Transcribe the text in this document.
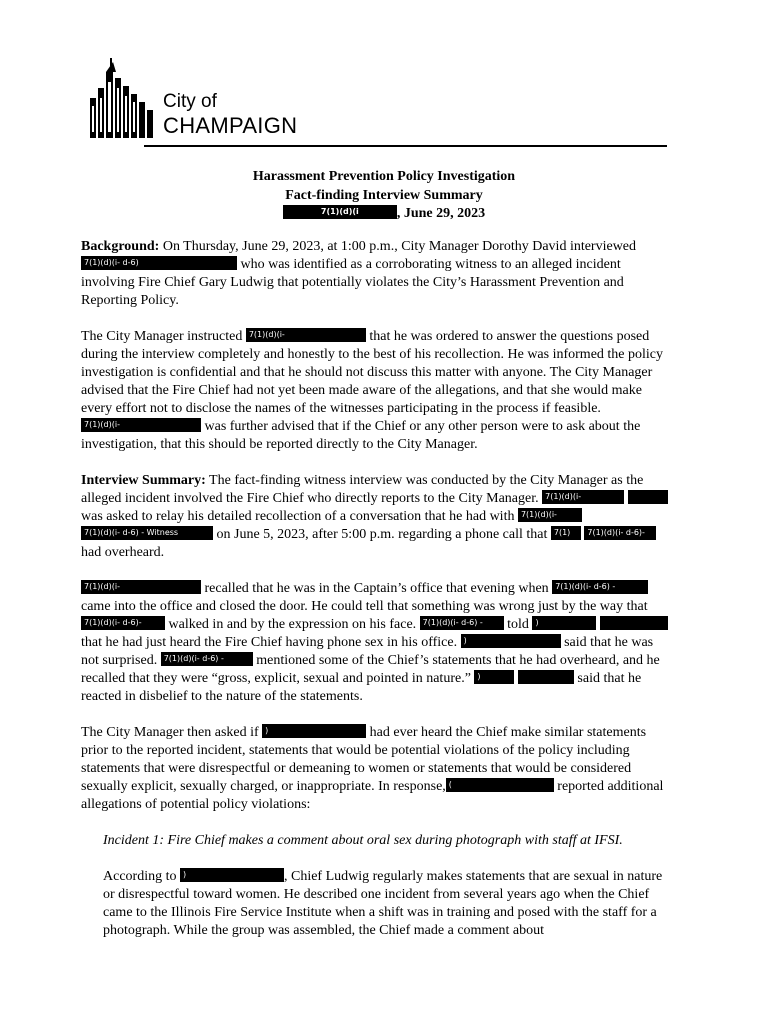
City of
CHAMPAIGN
Harassment Prevention Policy Investigation
Fact-finding Interview Summary
7(1)(d)(i	, June 29, 2023

Background: On Thursday, June 29, 2023, at 1:00 p.m., City Manager Dorothy David interviewed 7(1)(d)(i- d-6)	who was identified as a corroborating witness to an alleged incident involving Fire Chief Gary Ludwig that potentially violates the City’s Harassment Prevention and Reporting Policy.

The City Manager instructed 7(1)(d)(i-	that he was ordered to answer the questions posed during the interview completely and honestly to the best of his recollection. He was informed the policy investigation is confidential and that he should not discuss this matter with anyone. The City Manager advised that the Fire Chief had not yet been made aware of the allegations, and that she would make every effort not to disclose the names of the witnesses participating in the process if feasible. 7(1)(d)(i-	was further advised that if the Chief or any other person were to ask about the investigation, that this should be reported directly to the City Manager.

Interview Summary: The fact-finding witness interview was conducted by the City Manager as the alleged incident involved the Fire Chief who directly reports to the City Manager. 7(1)(d)(i-  was asked to relay his detailed recollection of a conversation that he had with 7(1)(d)(i- 7(1)(d)(i- d-6) - Witness on June 5, 2023, after 5:00 p.m. regarding a phone call that 7(1) 7(1)(d)(i- d-6)- had overheard.

7(1)(d)(i-	recalled that he was in the Captain’s office that evening when 7(1)(d)(i- d-6) - came into the office and closed the door. He could tell that something was wrong just by the way that 7(1)(d)(i- d-6)- walked in and by the expression on his face. 7(1)(d)(i- d-6) - told )  that he had just heard the Fire Chief having phone sex in his office. )	said that he was not surprised. 7(1)(d)(i- d-6) - mentioned some of the Chief’s statements that he had overheard, and he recalled that they were “gross, explicit, sexual and pointed in nature.” )	said that he reacted in disbelief to the nature of the statements.

The City Manager then asked if )	had ever heard the Chief make similar statements prior to the reported incident, statements that would be potential violations of the policy including statements that were disrespectful or demeaning to women or statements that would be considered sexually explicit, sexually charged, or inappropriate. In response, (	reported additional allegations of potential policy violations:

Incident 1: Fire Chief makes a comment about oral sex during photograph with staff at IFSI.

According to )	, Chief Ludwig regularly makes statements that are sexual in nature or disrespectful toward women. He described one incident from several years ago when the Chief came to the Illinois Fire Service Institute when a shift was in training and posed with the staff for a photograph. While the group was assembled, the Chief made a comment about
